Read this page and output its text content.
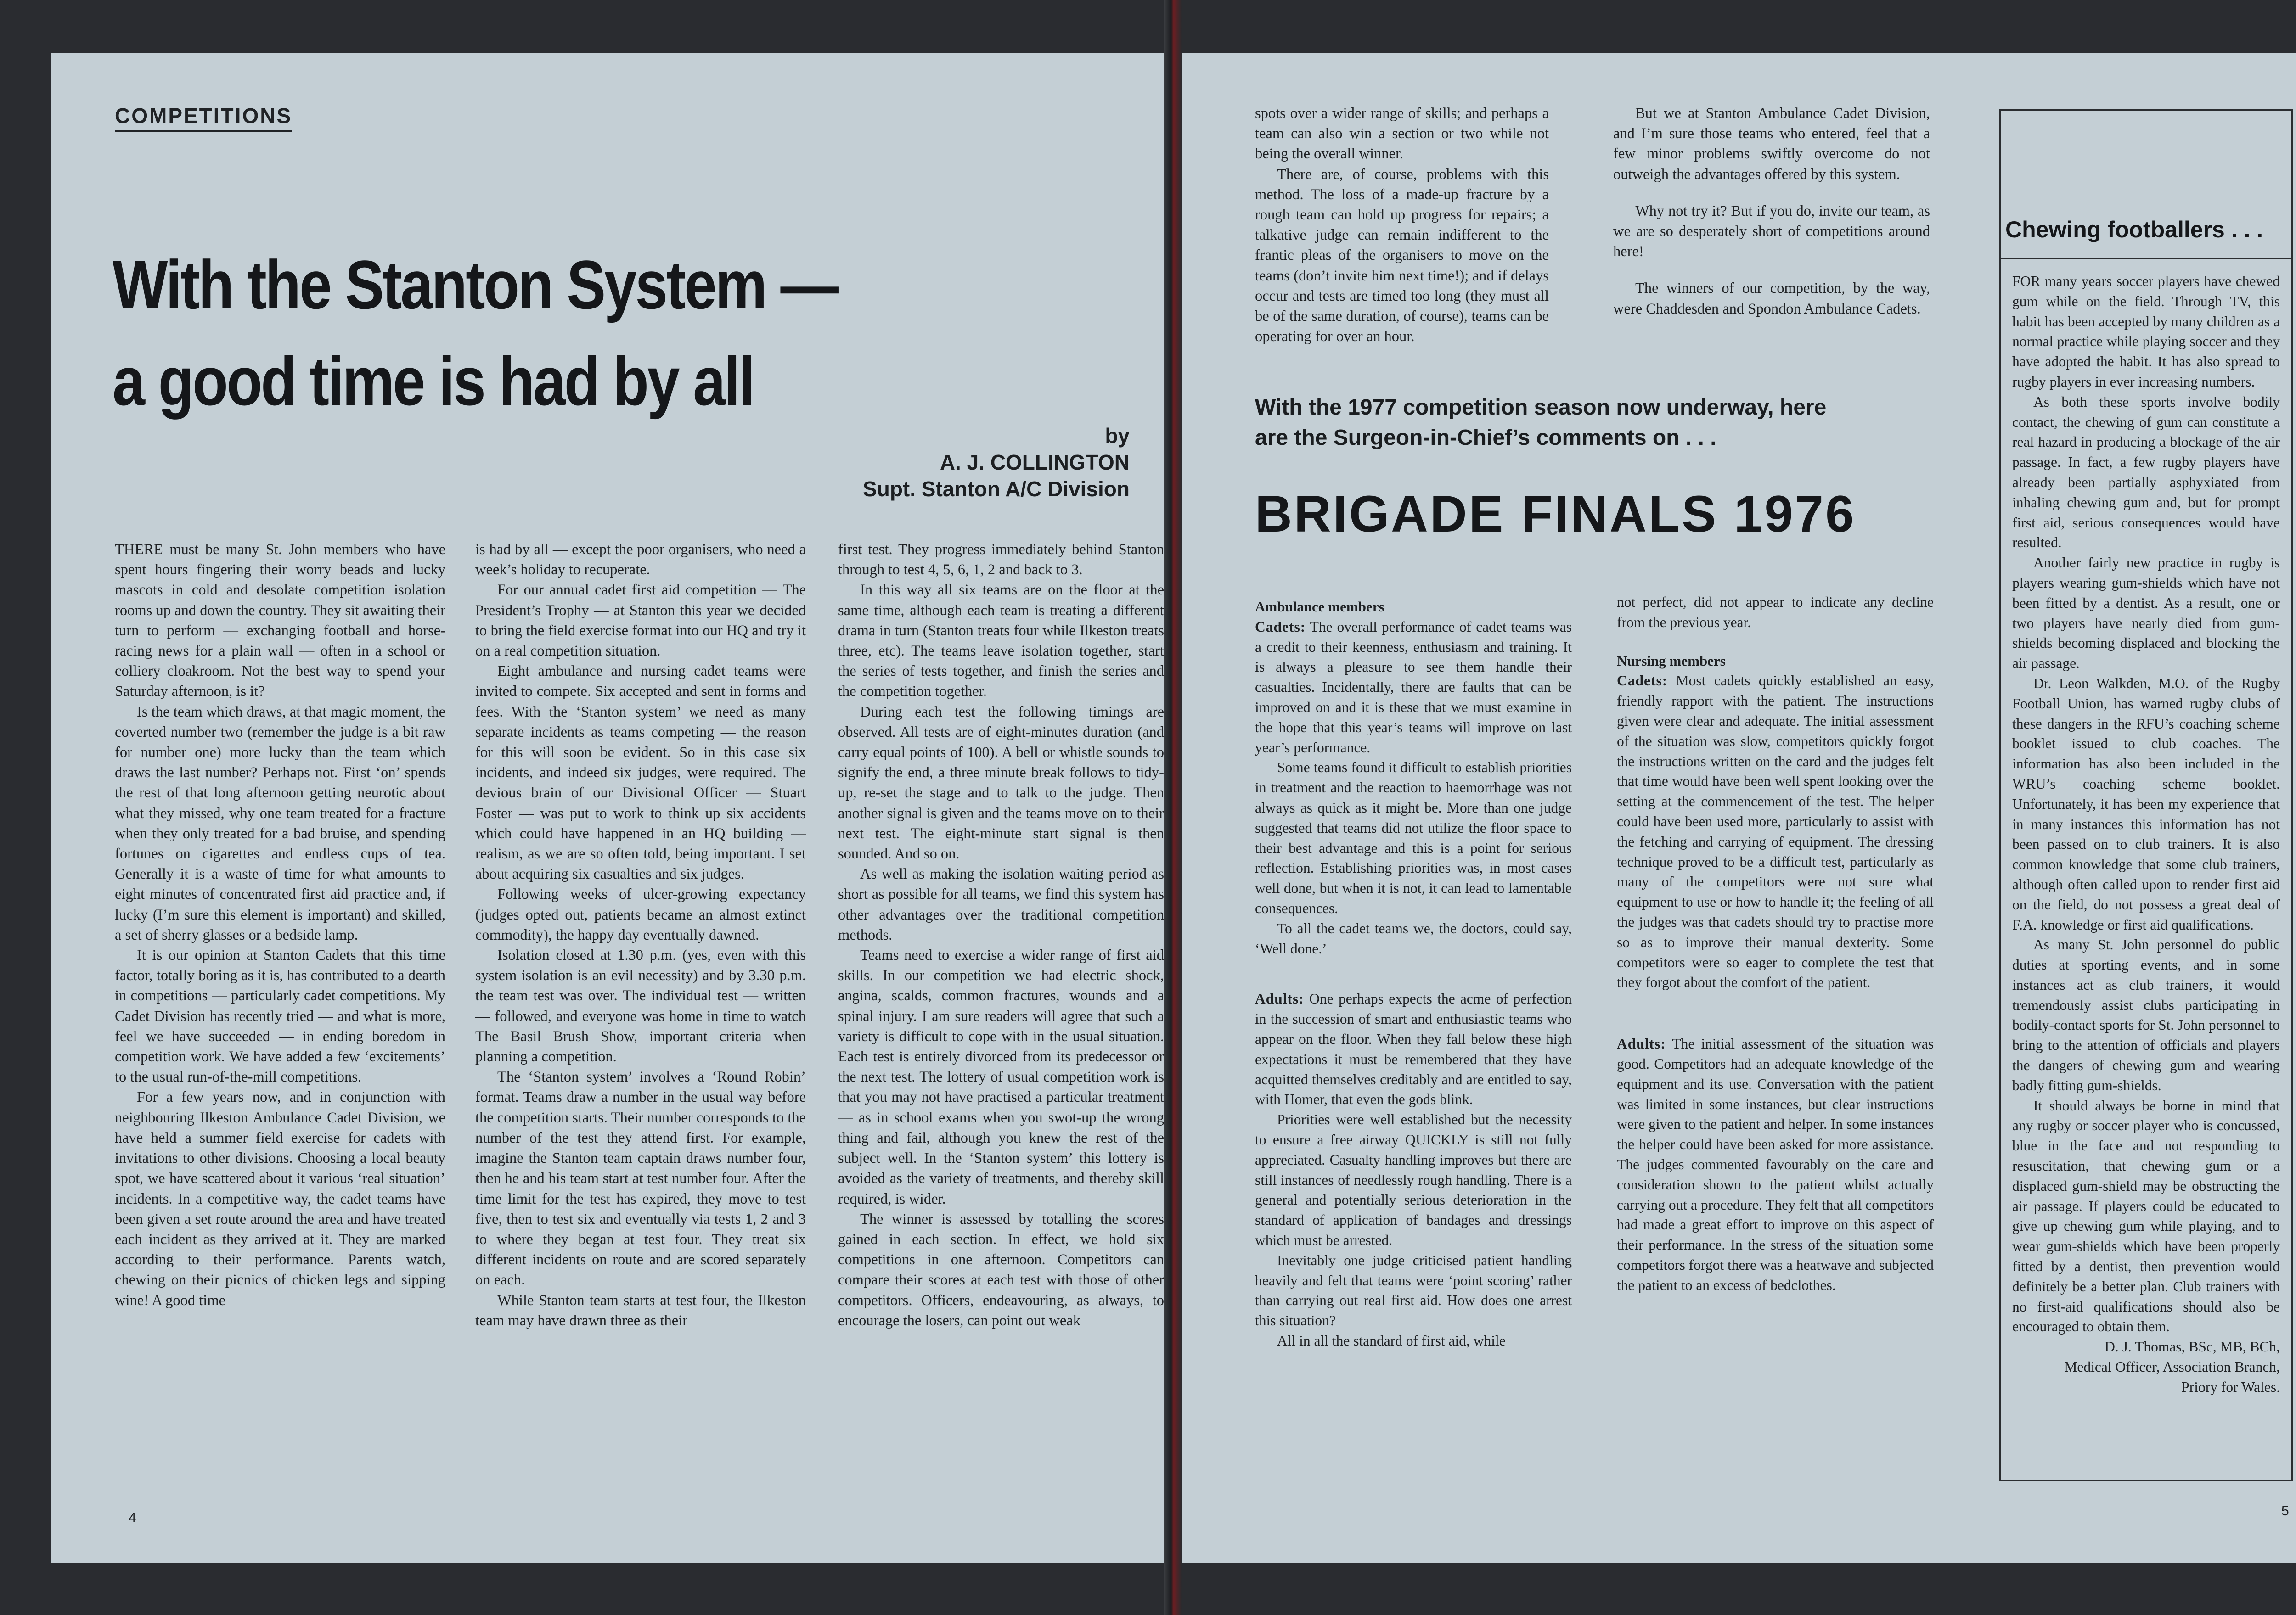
COMPETITIONS
With the Stanton System —
a good time is had by all
by
A. J. COLLINGTON
Supt. Stanton A/C Division

THERE must be many St. John members who have spent hours fingering their worry beads and lucky mascots in cold and desolate competition isolation rooms up and down the country. They sit awaiting their turn to perform — exchanging football and horse-racing news for a plain wall — often in a school or colliery cloakroom. Not the best way to spend your Saturday afternoon, is it?

Is the team which draws, at that magic moment, the coverted number two (remember the judge is a bit raw for number one) more lucky than the team which draws the last number? Perhaps not. First ‘on’ spends the rest of that long afternoon getting neurotic about what they missed, why one team treated for a fracture when they only treated for a bad bruise, and spending fortunes on cigarettes and endless cups of tea. Generally it is a waste of time for what amounts to eight minutes of concentrated first aid practice and, if lucky (I’m sure this element is important) and skilled, a set of sherry glasses or a bedside lamp.

It is our opinion at Stanton Cadets that this time factor, totally boring as it is, has contributed to a dearth in competitions — particularly cadet competitions. My Cadet Division has recently tried — and what is more, feel we have succeeded — in ending boredom in competition work. We have added a few ‘excitements’ to the usual run-of-the-mill competitions.

For a few years now, and in conjunction with neighbouring Ilkeston Ambulance Cadet Division, we have held a summer field exercise for cadets with invitations to other divisions. Choosing a local beauty spot, we have scattered about it various ‘real situation’ incidents. In a competitive way, the cadet teams have been given a set route around the area and have treated each incident as they arrived at it. They are marked according to their performance. Parents watch, chewing on their picnics of chicken legs and sipping wine! A good time

is had by all — except the poor organisers, who need a week’s holiday to recuperate.

For our annual cadet first aid competition — The President’s Trophy — at Stanton this year we decided to bring the field exercise format into our HQ and try it on a real competition situation.

Eight ambulance and nursing cadet teams were invited to compete. Six accepted and sent in forms and fees. With the ‘Stanton system’ we need as many separate incidents as teams competing — the reason for this will soon be evident. So in this case six incidents, and indeed six judges, were required. The devious brain of our Divisional Officer — Stuart Foster — was put to work to think up six accidents which could have happened in an HQ building — realism, as we are so often told, being important. I set about acquiring six casualties and six judges.

Following weeks of ulcer-growing expectancy (judges opted out, patients became an almost extinct commodity), the happy day eventually dawned.

Isolation closed at 1.30 p.m. (yes, even with this system isolation is an evil necessity) and by 3.30 p.m. the team test was over. The individual test — written — followed, and everyone was home in time to watch The Basil Brush Show, important criteria when planning a competition.

The ‘Stanton system’ involves a ‘Round Robin’ format. Teams draw a number in the usual way before the competition starts. Their number corresponds to the number of the test they attend first. For example, imagine the Stanton team captain draws number four, then he and his team start at test number four. After the time limit for the test has expired, they move to test five, then to test six and eventually via tests 1, 2 and 3 to where they began at test four. They treat six different incidents on route and are scored separately on each.

While Stanton team starts at test four, the Ilkeston team may have drawn three as their

first test. They progress immediately behind Stanton through to test 4, 5, 6, 1, 2 and back to 3.

In this way all six teams are on the floor at the same time, although each team is treating a different drama in turn (Stanton treats four while Ilkeston treats three, etc). The teams leave isolation together, start the series of tests together, and finish the series and the competition together.

During each test the following timings are observed. All tests are of eight-minutes duration (and carry equal points of 100). A bell or whistle sounds to signify the end, a three minute break follows to tidy-up, re-set the stage and to talk to the judge. Then another signal is given and the teams move on to their next test. The eight-minute start signal is then sounded. And so on.

As well as making the isolation waiting period as short as possible for all teams, we find this system has other advantages over the traditional competition methods.

Teams need to exercise a wider range of first aid skills. In our competition we had electric shock, angina, scalds, common fractures, wounds and a spinal injury. I am sure readers will agree that such a variety is difficult to cope with in the usual situation. Each test is entirely divorced from its predecessor or the next test. The lottery of usual competition work is that you may not have practised a particular treatment — as in school exams when you swot-up the wrong thing and fail, although you knew the rest of the subject well. In the ‘Stanton system’ this lottery is avoided as the variety of treatments, and thereby skill required, is wider.

The winner is assessed by totalling the scores gained in each section. In effect, we hold six competitions in one afternoon. Competitors can compare their scores at each test with those of other competitors. Officers, endeavouring, as always, to encourage the losers, can point out weak

4

spots over a wider range of skills; and perhaps a team can also win a section or two while not being the overall winner.

There are, of course, problems with this method. The loss of a made-up fracture by a rough team can hold up progress for repairs; a talkative judge can remain indifferent to the frantic pleas of the organisers to move on the teams (don’t invite him next time!); and if delays occur and tests are timed too long (they must all be of the same duration, of course), teams can be operating for over an hour.

But we at Stanton Ambulance Cadet Division, and I’m sure those teams who entered, feel that a few minor problems swiftly overcome do not outweigh the advantages offered by this system.

Why not try it? But if you do, invite our team, as we are so desperately short of competitions around here!

The winners of our competition, by the way, were Chaddesden and Spondon Ambulance Cadets.

With the 1977 competition season now underway, here are the Surgeon-in-Chief’s comments on . . .
BRIGADE FINALS 1976

Ambulance members

Cadets: The overall performance of cadet teams was a credit to their keenness, enthusiasm and training. It is always a pleasure to see them handle their casualties. Incidentally, there are faults that can be improved on and it is these that we must examine in the hope that this year’s teams will improve on last year’s performance.

Some teams found it difficult to establish priorities in treatment and the reaction to haemorrhage was not always as quick as it might be. More than one judge suggested that teams did not utilize the floor space to their best advantage and this is a point for serious reflection. Establishing priorities was, in most cases well done, but when it is not, it can lead to lamentable consequences.

To all the cadet teams we, the doctors, could say, ‘Well done.’

Adults: One perhaps expects the acme of perfection in the succession of smart and enthusiastic teams who appear on the floor. When they fall below these high expectations it must be remembered that they have acquitted themselves creditably and are entitled to say, with Homer, that even the gods blink.

Priorities were well established but the necessity to ensure a free airway QUICKLY is still not fully appreciated. Casualty handling improves but there are still instances of needlessly rough handling. There is a general and potentially serious deterioration in the standard of application of bandages and dressings which must be arrested.

Inevitably one judge criticised patient handling heavily and felt that teams were ‘point scoring’ rather than carrying out real first aid. How does one arrest this situation?

All in all the standard of first aid, while

not perfect, did not appear to indicate any decline from the previous year.

Nursing members

Cadets: Most cadets quickly established an easy, friendly rapport with the patient. The instructions given were clear and adequate. The initial assessment of the situation was slow, competitors quickly forgot the instructions written on the card and the judges felt that time would have been well spent looking over the setting at the commencement of the test. The helper could have been used more, particularly to assist with the fetching and carrying of equipment. The dressing technique proved to be a difficult test, particularly as many of the competitors were not sure what equipment to use or how to handle it; the feeling of all the judges was that cadets should try to practise more so as to improve their manual dexterity. Some competitors were so eager to complete the test that they forgot about the comfort of the patient.

Adults: The initial assessment of the situation was good. Competitors had an adequate knowledge of the equipment and its use. Conversation with the patient was limited in some instances, but clear instructions were given to the patient and helper. In some instances the helper could have been asked for more assistance. The judges commented favourably on the care and consideration shown to the patient whilst actually carrying out a procedure. They felt that all competitors had made a great effort to improve on this aspect of their performance. In the stress of the situation some competitors forgot there was a heatwave and subjected the patient to an excess of bedclothes.

Chewing footballers . . .

FOR many years soccer players have chewed gum while on the field. Through TV, this habit has been accepted by many children as a normal practice while playing soccer and they have adopted the habit. It has also spread to rugby players in ever increasing numbers.

As both these sports involve bodily contact, the chewing of gum can constitute a real hazard in producing a blockage of the air passage. In fact, a few rugby players have already been partially asphyxiated from inhaling chewing gum and, but for prompt first aid, serious consequences would have resulted.

Another fairly new practice in rugby is players wearing gum-shields which have not been fitted by a dentist. As a result, one or two players have nearly died from gum-shields becoming displaced and blocking the air passage.

Dr. Leon Walkden, M.O. of the Rugby Football Union, has warned rugby clubs of these dangers in the RFU’s coaching scheme booklet issued to club coaches. The information has also been included in the WRU’s coaching scheme booklet. Unfortunately, it has been my experience that in many instances this information has not been passed on to club trainers. It is also common knowledge that some club trainers, although often called upon to render first aid on the field, do not possess a great deal of F.A. knowledge or first aid qualifications.

As many St. John personnel do public duties at sporting events, and in some instances act as club trainers, it would tremendously assist clubs participating in bodily-contact sports for St. John personnel to bring to the attention of officials and players the dangers of chewing gum and wearing badly fitting gum-shields.

It should always be borne in mind that any rugby or soccer player who is concussed, blue in the face and not responding to resuscitation, that chewing gum or a displaced gum-shield may be obstructing the air passage. If players could be educated to give up chewing gum while playing, and to wear gum-shields which have been properly fitted by a dentist, then prevention would definitely be a better plan. Club trainers with no first-aid qualifications should also be encouraged to obtain them.

D. J. Thomas, BSc, MB, BCh,

Medical Officer, Association Branch,

Priory for Wales.

5
